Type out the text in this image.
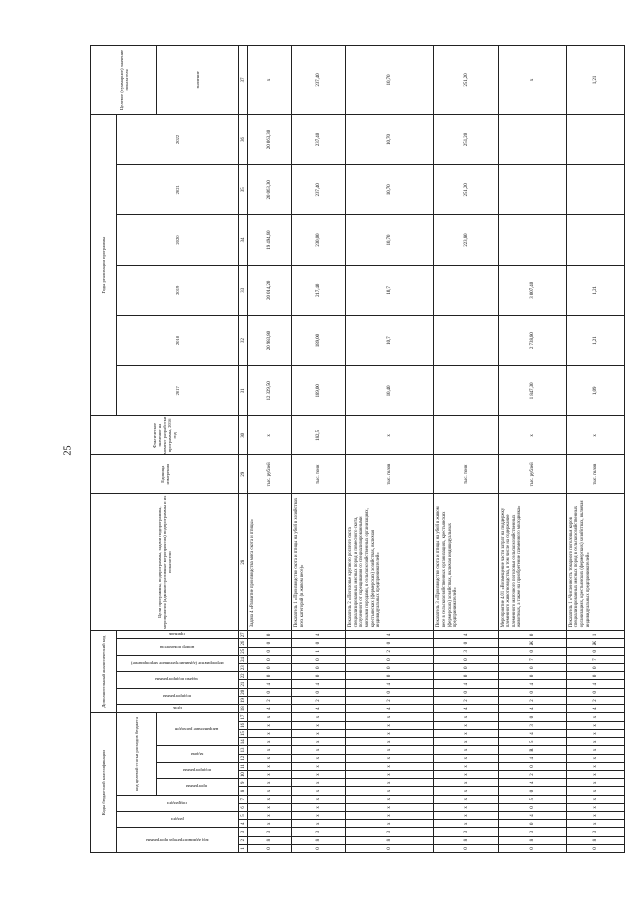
25
Коды бюджетной классификации																	Дополнительный аналитический код										Цели программы, подпрограммы, задачи подпрограммы, мероприятия (административные мероприятия) подпрограммы и их показатели	Единица измерения	Фактическое значение на момент разработки программы, 2016 год	Годы реализации программы						Целевое (суммарное) значение показателя
код администратора программы			раздел		подраздел		код целевой статьи расходов бюджета										цель	подпрограмма		задачи подпрограммы		мероприятие (административное мероприятие)		номер показателя		признак				2017	2018	2019	2020	2021	2022	
							программа		подпрограмма		задача		направление расходов																							значение
1	2	3	4	5	6	7	8	9	10	11	12	13	14	15	16	17	18	19	20	21	22	23	24	25	26	27	28	29	30	31	32	33	34	35	36	37
0	8	3	x	x	x	x	x	x	x	x	x	x	x	x	x	x	4	2	0	4	0	0	0	0	0	0	Задача 4 «Развитие производства мяса скота и птицы»	тыс. рублей	x	12 329,50	20 983,80	20 014,20	19 494,60	20 063,30	20 063,30	x
0	8	3	x	x	x	x	x	x	x	x	x	x	x	x	x	x	4	2	0	4	0	0	0	1	0	4	Показатель 1 «Производство скота и птицы на убой в хозяйствах всех категорий (в живом весе)»	тыс. тонн	182,5	189,00	189,00	217,40	230,00	237,40	237,40	237,40
0	8	3	x	x	x	x	x	x	x	x	x	x	x	x	x	x	4	2	0	4	0	0	0	2	0	4	Показатель 2 «Поголовье крупного рогатого скота специализированных мясных пород и помесного скота, полученного от скрещивания со специализированными мясными породами, в сельскохозяйственных организациях, крестьянских (фермерских) хозяйствах, включая индивидуальных предпринимателей»	тыс. голов	x	10,40	10,7	10,7	10,70	10,70	10,70	10,70
0	8	3	x	x	x	x	x	x	x	x	x	x	x	x	x	x	4	2	0	4	0	0	0	3	0	4	Показатель 3 «Производство скота и птицы на убой в живом весе в сельскохозяйственных организациях, крестьянских (фермерских) хозяйствах, включая индивидуальных предпринимателей»	тыс. тонн					223,80	251,20	251,20	251,20
0	8	3	0	4	0	5	0	4	2	0	4	R	5	4	3	0	4	2	0	4	0	0	7	0	Ж	0	Мероприятие 4.01 «Возмещение части затрат на поддержку племенного животноводства, в том числе на содержание племенного маточного поголовья сельскохозяйственных животных, а также на приобретение племенного молодняка»	тыс. рублей	x	1 847,30	2 738,80	3 007,40				x
0	8	3	x	x	x	x	x	x	x	x	x	x	x	x	x	x	4	2	0	4	0	0	7	0	Ж	1	Показатель 1 «Численность товарного поголовья коров специализированных мясных пород в сельскохозяйственных организациях, крестьянских (фермерских) хозяйствах, включая индивидуальных предпринимателей»	тыс. голов	x	1,09	1,21	1,21				1,21
